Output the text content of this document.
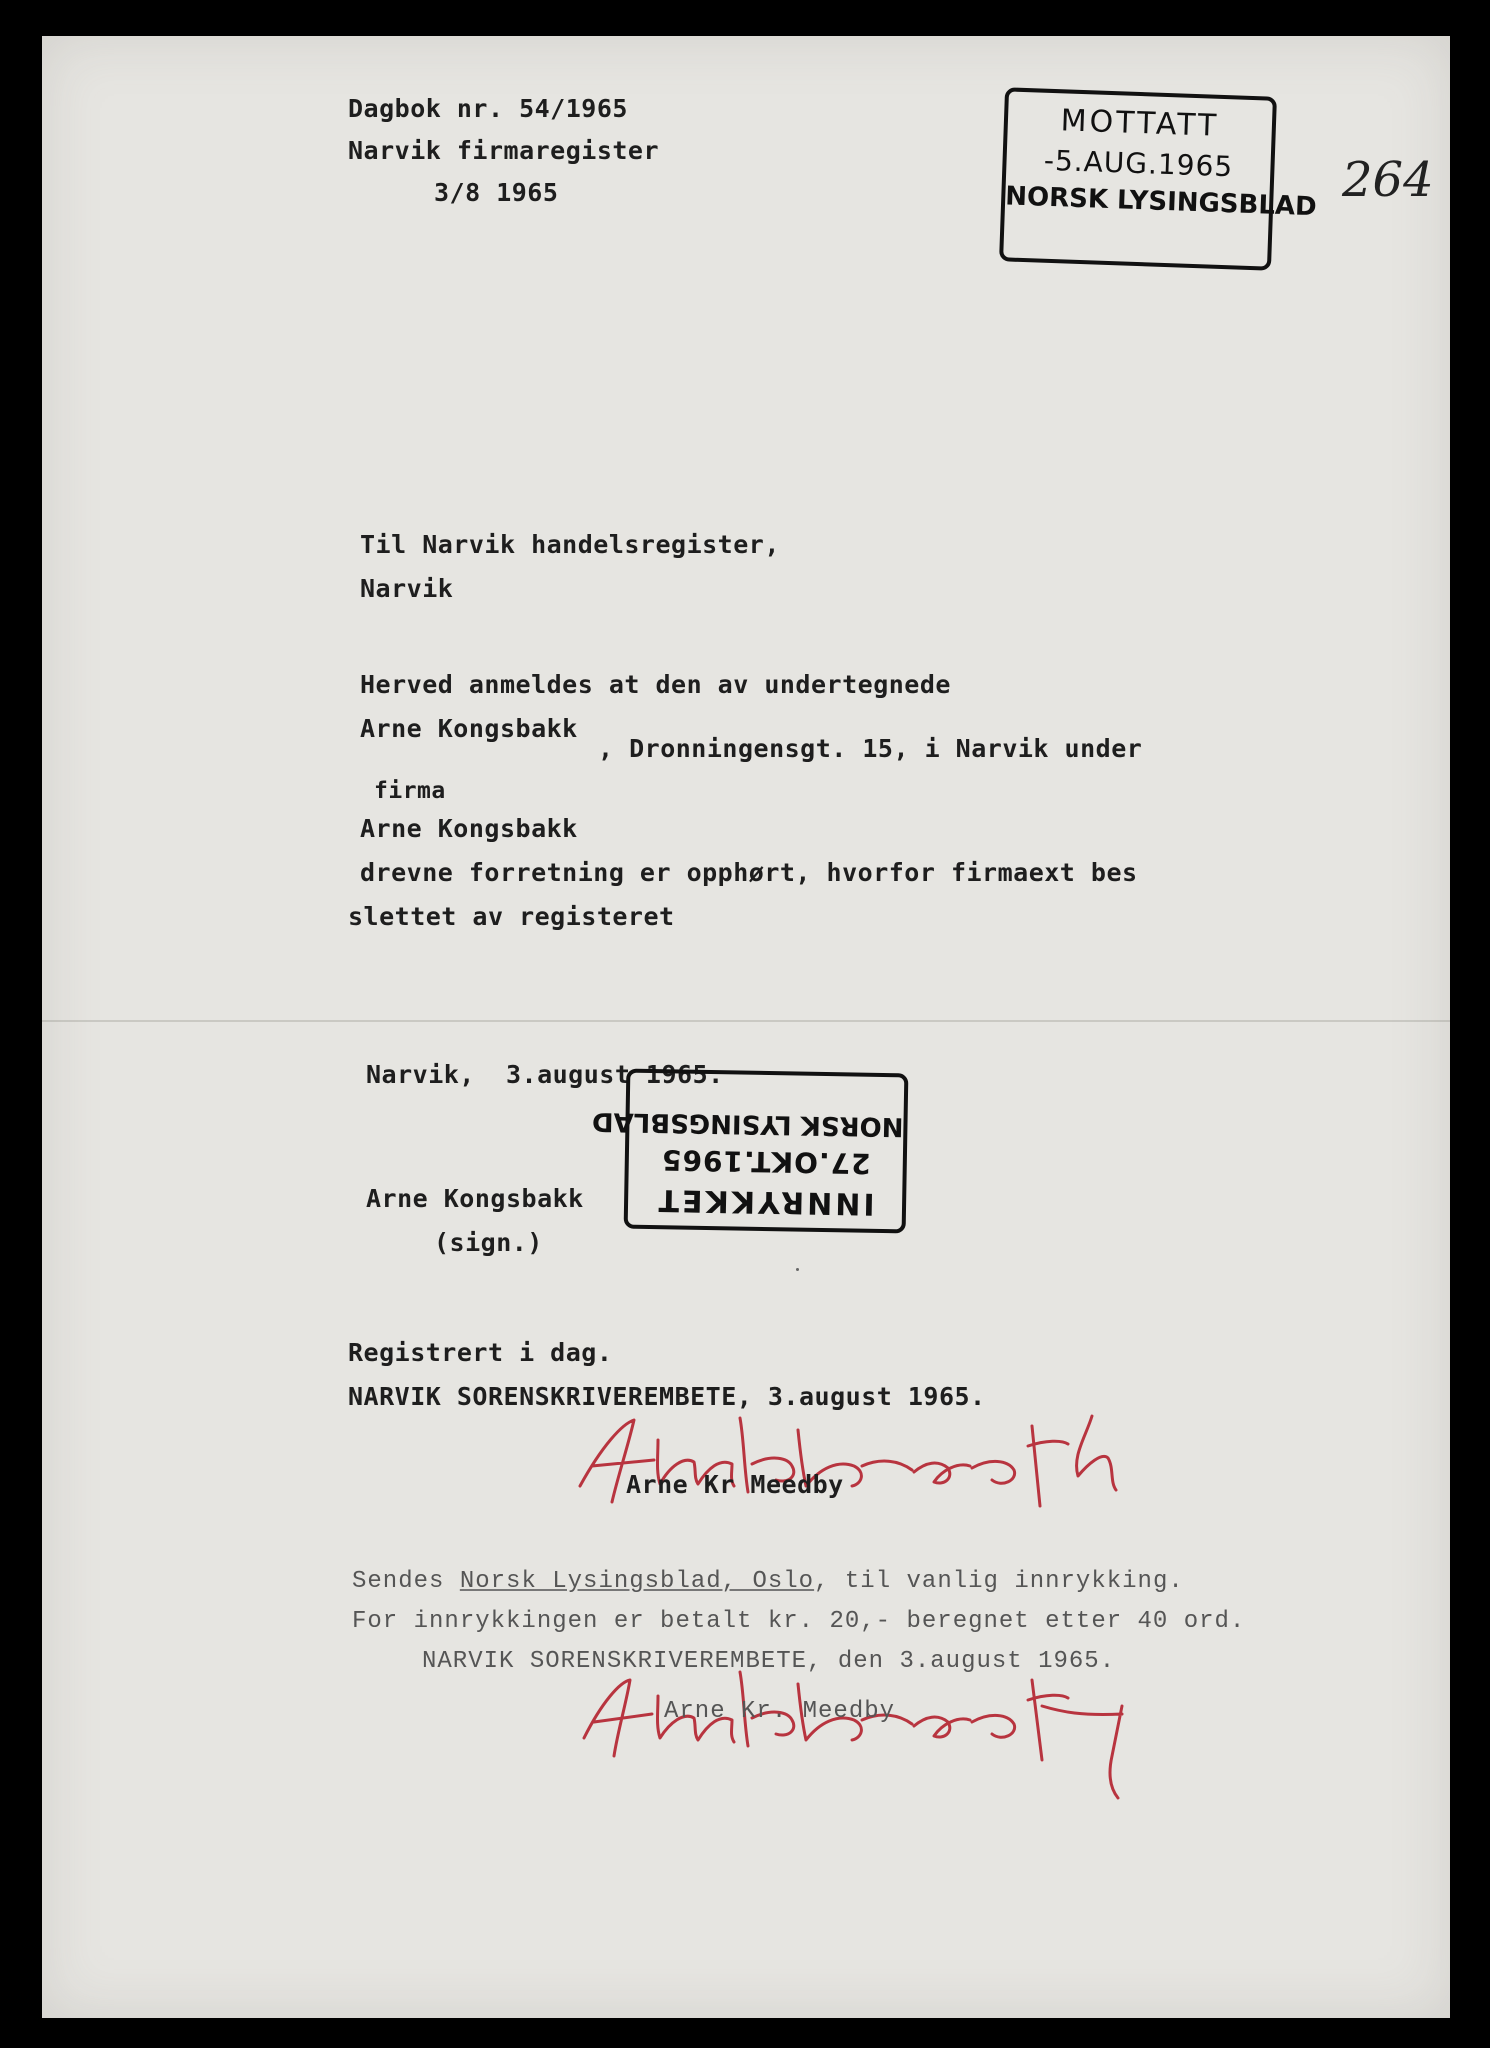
Dagbok nr. 54/1965
Narvik firmaregister
3/8 1965
MOTTATT
-5.AUG.1965
NORSK LYSINGSBLAD 264
Til Narvik handelsregister,
Narvik
Herved anmeldes at den av undertegnede
Arne Kongsbakk
, Dronningensgt. 15, i Narvik under
firma
Arne Kongsbakk
drevne forretning er opphørt, hvorfor firmaext bes
slettet av registeret
Narvik,  3.august 1965.
INNRYKKET
27.OKT.1965
NORSK LYSINGSBLAD
Arne Kongsbakk
(sign.)
Registrert i dag.
NARVIK SORENSKRIVEREMBETE, 3.august 1965.
Arne Kr Meedby
Sendes Norsk Lysingsblad, Oslo, til vanlig innrykking.
For innrykkingen er betalt kr. 20,- beregnet etter 40 ord.
NARVIK SORENSKRIVEREMBETE, den 3.august 1965.
Arne Kr. Meedby
